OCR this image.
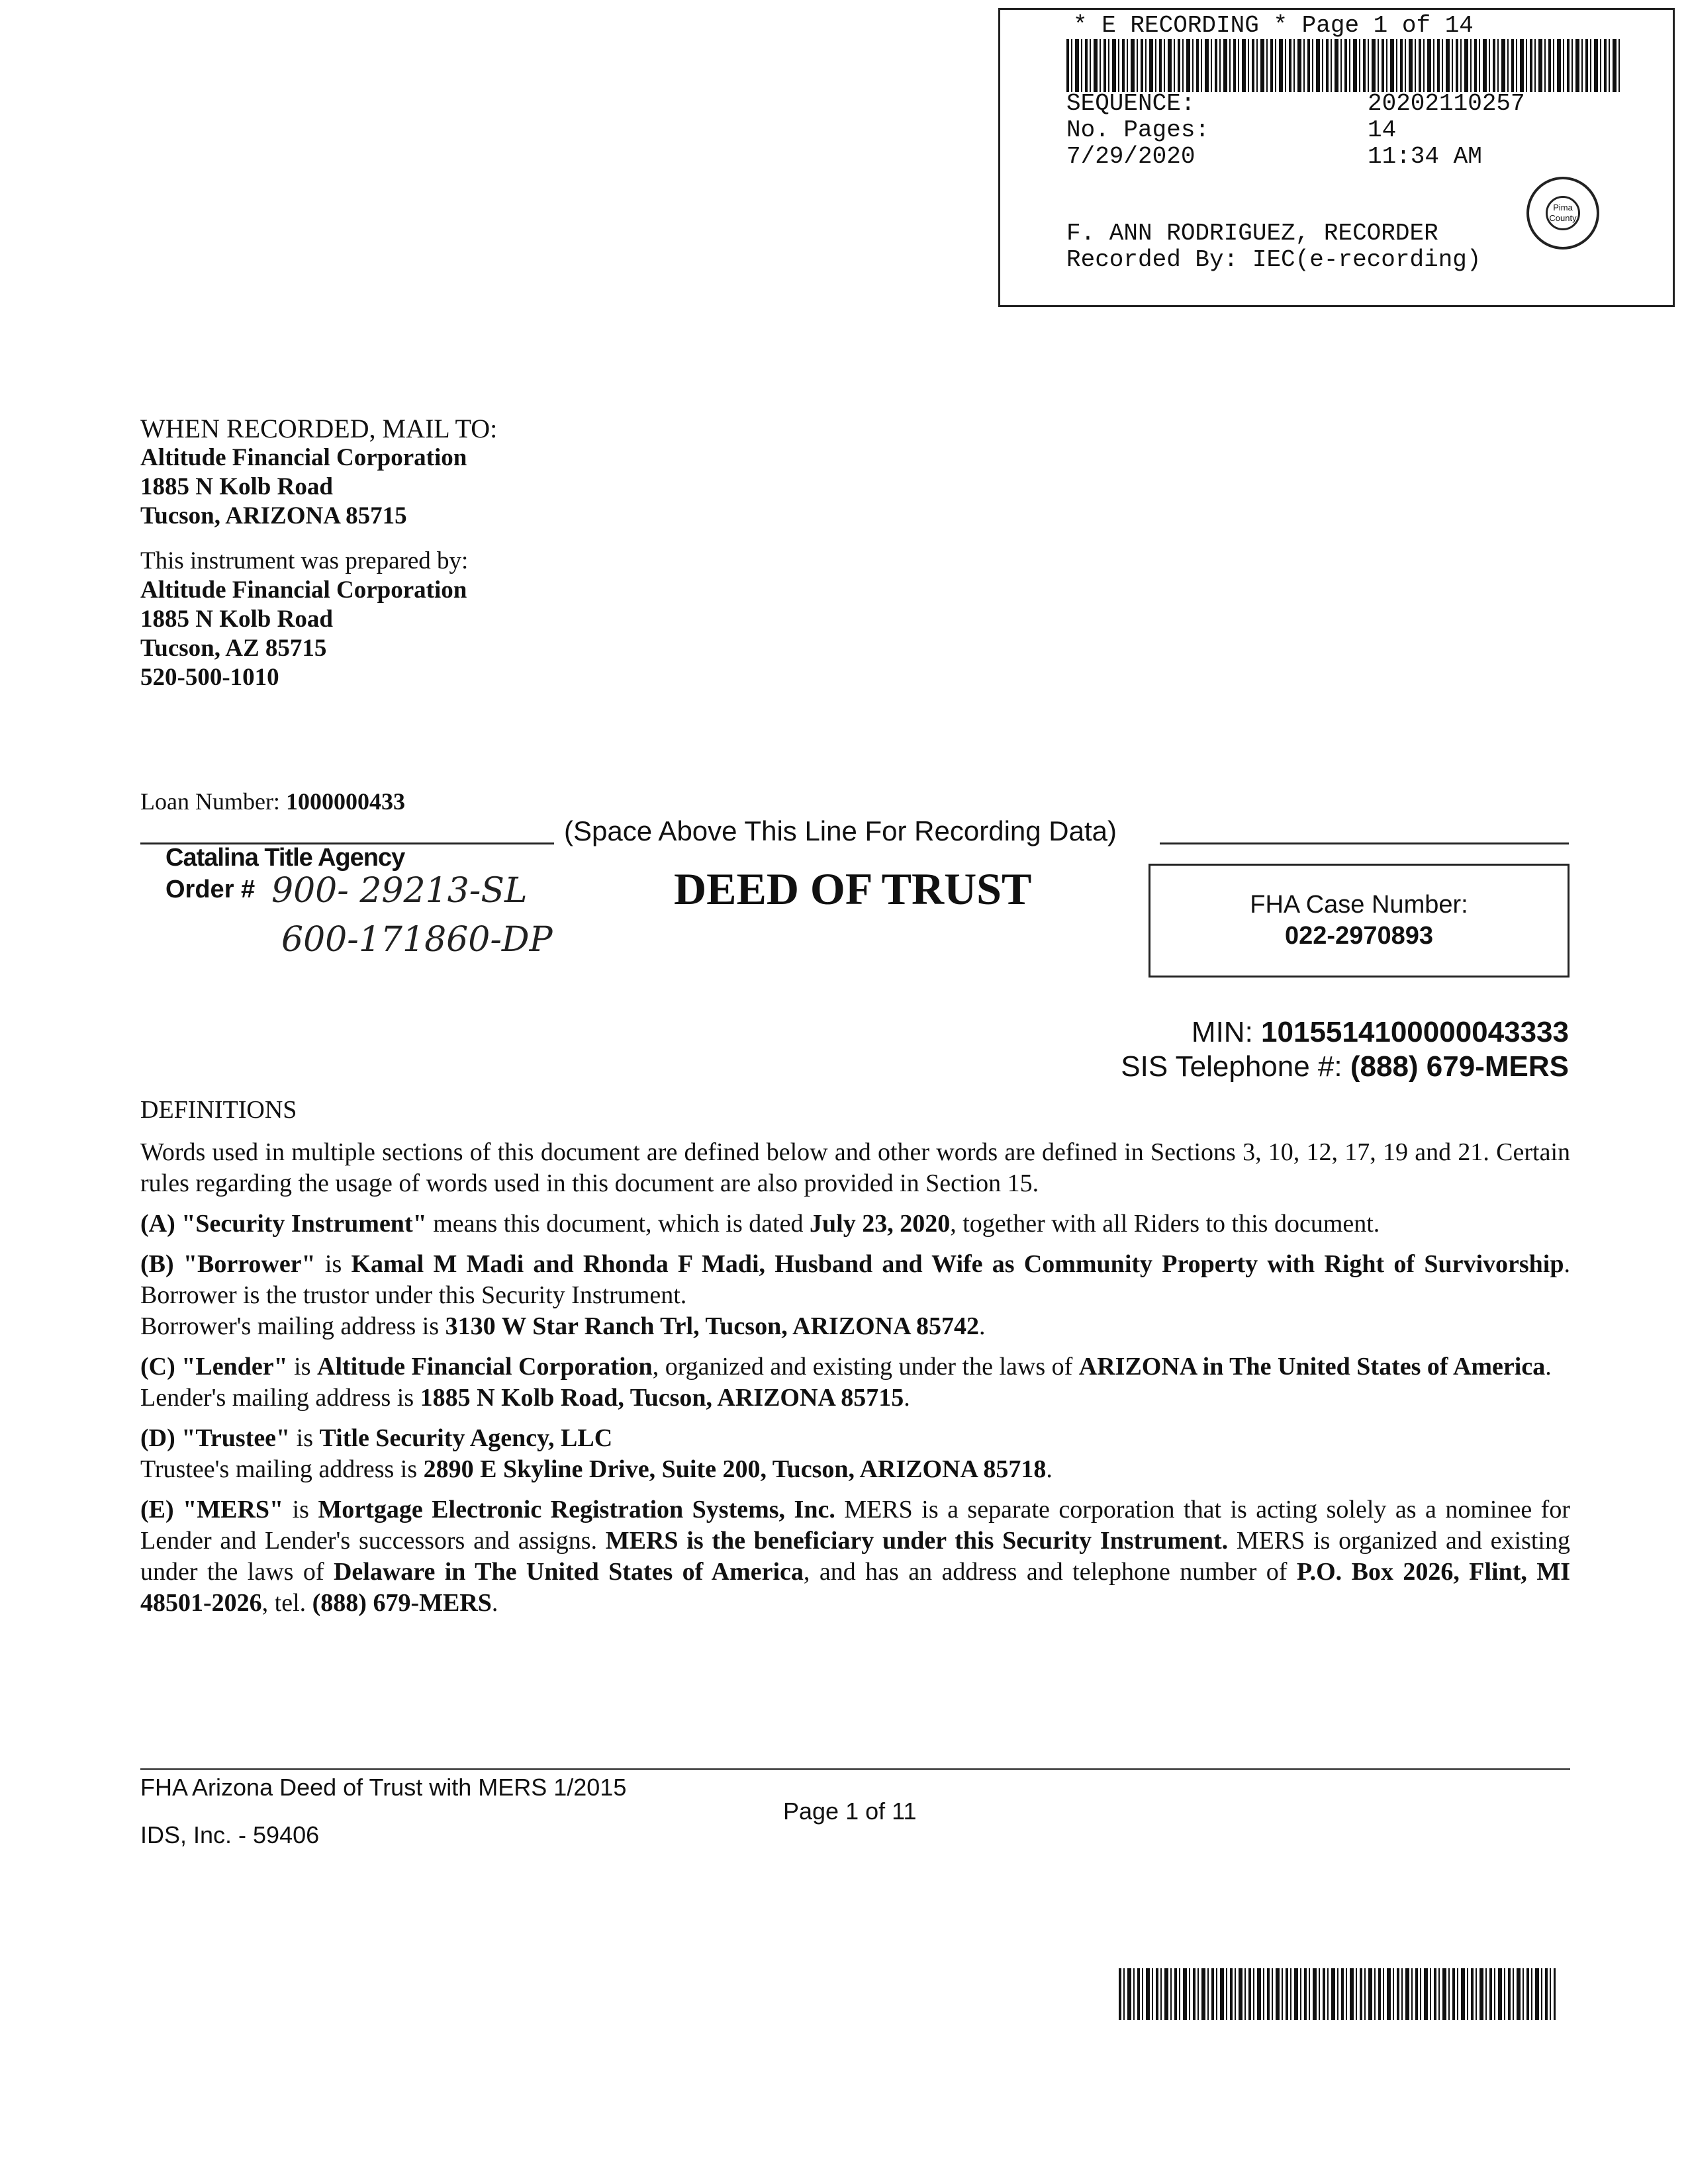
* E RECORDING * Page 1 of 14
SEQUENCE:	20202110257
No. Pages:	14
7/29/2020	11:34 AM
F. ANN RODRIGUEZ, RECORDER
Recorded By: IEC(e-recording)
Pima County
WHEN RECORDED, MAIL TO:
Altitude Financial Corporation
1885 N Kolb Road
Tucson, ARIZONA 85715
This instrument was prepared by:
Altitude Financial Corporation
1885 N Kolb Road
Tucson, AZ 85715
520-500-1010
Loan Number: 1000000433
(Space Above This Line For Recording Data)
Catalina Title Agency
Order # 900- 29213-SL
600-171860-DP
DEED OF TRUST	FHA Case Number:
022-2970893
MIN: 1015514100000043333
SIS Telephone #: (888) 679-MERS
DEFINITIONS

Words used in multiple sections of this document are defined below and other words are defined in Sections 3, 10, 12, 17, 19 and 21. Certain rules regarding the usage of words used in this document are also provided in Section 15.

(A) "Security Instrument" means this document, which is dated July 23, 2020, together with all Riders to this document.

(B) "Borrower" is Kamal M Madi and Rhonda F Madi, Husband and Wife as Community Property with Right of Survivorship. Borrower is the trustor under this Security Instrument.
Borrower's mailing address is 3130 W Star Ranch Trl, Tucson, ARIZONA 85742.

(C) "Lender" is Altitude Financial Corporation, organized and existing under the laws of ARIZONA in The United States of America.
Lender's mailing address is 1885 N Kolb Road, Tucson, ARIZONA 85715.

(D) "Trustee" is Title Security Agency, LLC
Trustee's mailing address is 2890 E Skyline Drive, Suite 200, Tucson, ARIZONA 85718.

(E) "MERS" is Mortgage Electronic Registration Systems, Inc. MERS is a separate corporation that is acting solely as a nominee for Lender and Lender's successors and assigns. MERS is the beneficiary under this Security Instrument. MERS is organized and existing under the laws of Delaware in The United States of America, and has an address and telephone number of P.O. Box 2026, Flint, MI 48501-2026, tel. (888) 679-MERS.

FHA Arizona Deed of Trust with MERS 1/2015
IDS, Inc. - 59406
Page 1 of 11
